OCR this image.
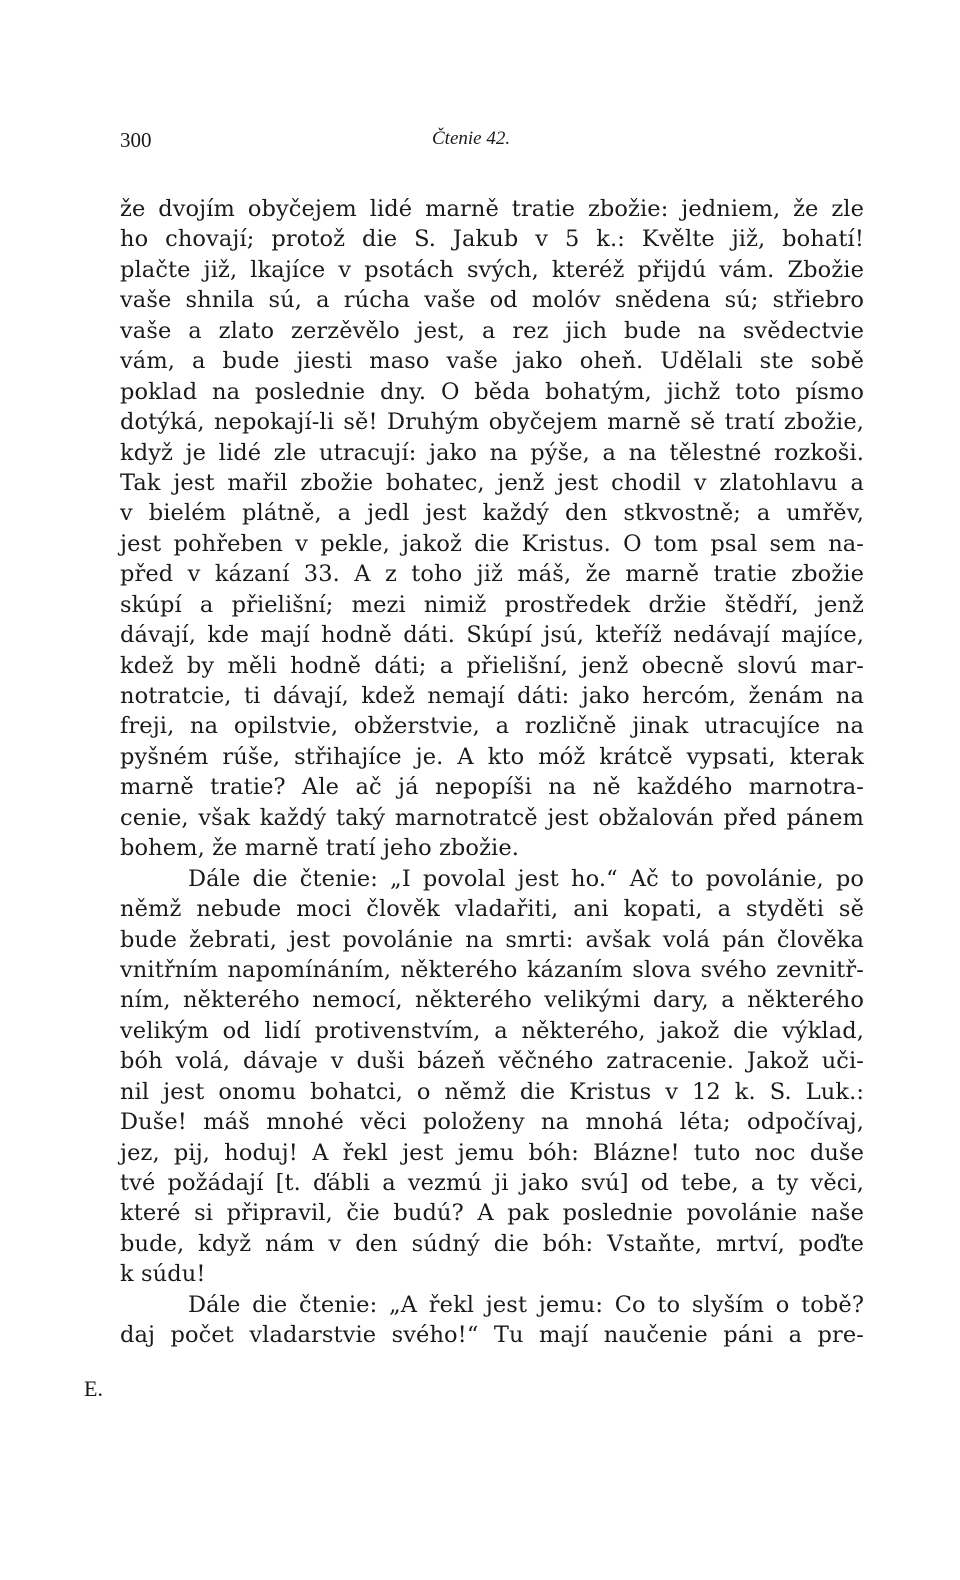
300	Čtenie 42.
že dvojím obyčejem lidé marně tratie zbožie: jedniem, že zle
ho chovají; protož die S. Jakub v 5 k.: Kvělte již, bohatí!
plačte již, lkajíce v psotách svých, kteréž přijdú vám. Zbožie
vaše shnila sú, a rúcha vaše od molóv snědena sú; střiebro
vaše a zlato zerzěvělo jest, a rez jich bude na svědectvie
vám, a bude jiesti maso vaše jako oheň. Udělali ste sobě
poklad na poslednie dny. O běda bohatým, jichž toto písmo
dotýká, nepokají-li sě! Druhým obyčejem marně sě tratí zbožie,
když je lidé zle utracují: jako na pýše, a na tělestné rozkoši.
Tak jest mařil zbožie bohatec, jenž jest chodil v zlatohlavu a
v bielém plátně, a jedl jest každý den stkvostně; a umřěv,
jest pohřeben v pekle, jakož die Kristus. O tom psal sem na-
před v kázaní 33. A z toho již máš, že marně tratie zbožie
skúpí a přielišní; mezi nimiž prostředek držie štědří, jenž
dávají, kde mají hodně dáti. Skúpí jsú, kteříž nedávají majíce,
kdež by měli hodně dáti; a přielišní, jenž obecně slovú mar-
notratcie, ti dávají, kdež nemají dáti: jako hercóm, ženám na
freji, na opilstvie, obžerstvie, a rozličně jinak utracujíce na
pyšném rúše, střihajíce je. A kto móž krátcě vypsati, kterak
marně tratie? Ale ač já nepopíši na ně každého marnotra-
cenie, však každý taký marnotratcě jest obžalován před pánem
bohem, že marně tratí jeho zbožie.
Dále die čtenie: „I povolal jest ho.“ Ač to povolánie, po
němž nebude moci člověk vladařiti, ani kopati, a styděti sě
bude žebrati, jest povolánie na smrti: avšak volá pán člověka
vnitřním napomínáním, některého kázaním slova svého zevnitř-
ním, některého nemocí, některého velikými dary, a některého
velikým od lidí protivenstvím, a některého, jakož die výklad,
bóh volá, dávaje v duši bázeň věčného zatracenie. Jakož uči-
nil jest onomu bohatci, o němž die Kristus v 12 k. S. Luk.:
Duše! máš mnohé věci položeny na mnohá léta; odpočívaj,
jez, pij, hoduj! A řekl jest jemu bóh: Blázne! tuto noc duše
tvé požádají [t. ďábli a vezmú ji jako svú] od tebe, a ty věci,
které si připravil, čie budú? A pak poslednie povolánie naše
bude, když nám v den súdný die bóh: Vstaňte, mrtví, poďte
k súdu!
Dále die čtenie: „A řekl jest jemu: Co to slyším o tobě?
daj počet vladarstvie svého!“ Tu mají naučenie páni a pre-
E.
